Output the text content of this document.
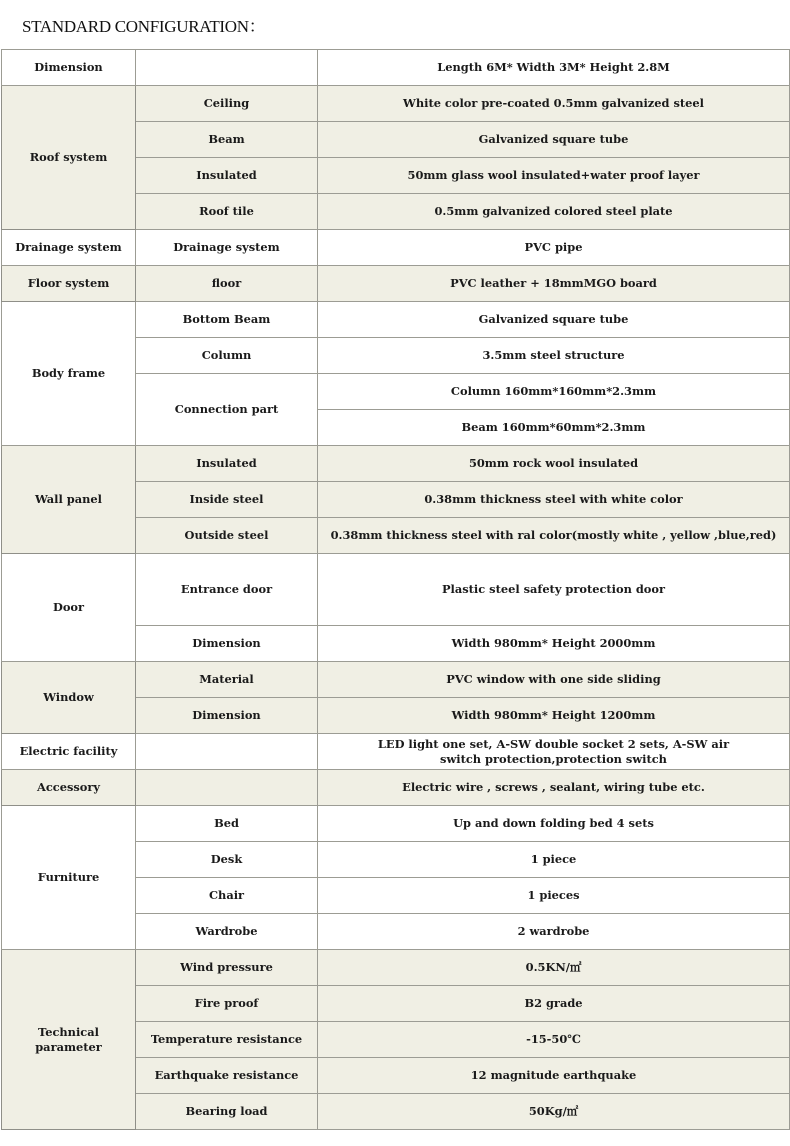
STANDARD CONFIGURATION：
Dimension		Length 6M* Width 3M* Height 2.8M
Roof system	Ceiling	White color pre-coated 0.5mm galvanized steel
	Beam	Galvanized square tube
	Insulated	50mm glass wool insulated+water proof layer
	Roof tile	0.5mm galvanized colored steel plate
Drainage system	Drainage system	PVC pipe
Floor system	floor	PVC leather + 18mmMGO board
Body frame	Bottom Beam	Galvanized square tube
	Column	3.5mm steel structure
	Connection part	Column 160mm*160mm*2.3mm
		Beam 160mm*60mm*2.3mm
Wall panel	Insulated	50mm rock wool insulated
	Inside steel	0.38mm thickness steel with white color
	Outside steel	0.38mm thickness steel with ral color(mostly white , yellow ,blue,red)
Door	Entrance door	Plastic steel safety protection door
	Dimension	Width 980mm* Height 2000mm
Window	Material	PVC window with one side sliding
	Dimension	Width 980mm* Height 1200mm
Electric facility		LED light one set, A-SW double socket 2 sets, A-SW air switch protection,protection switch
Accessory		Electric wire , screws , sealant, wiring tube etc.
Furniture	Bed	Up and down folding bed 4 sets
	Desk	1 piece
	Chair	1 pieces
	Wardrobe	2 wardrobe
Technical parameter	Wind pressure	0.5KN/㎡
	Fire proof	B2 grade
	Temperature resistance	-15-50℃
	Earthquake resistance	12 magnitude earthquake
	Bearing load	50Kg/㎡
